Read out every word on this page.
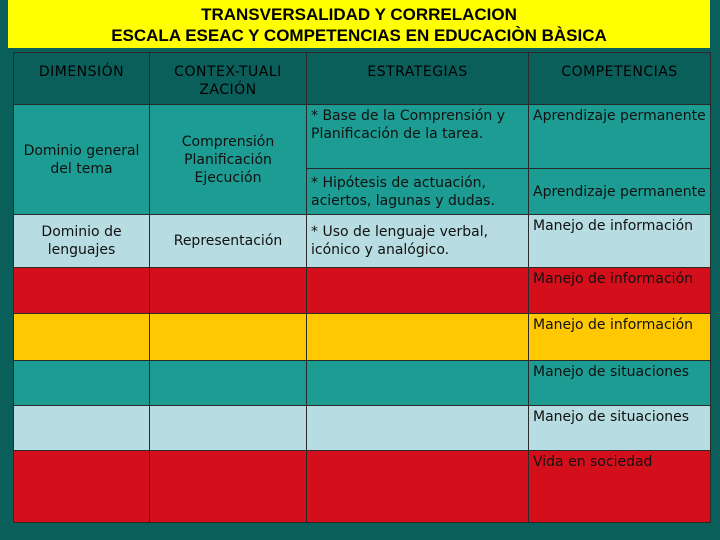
TRANSVERSALIDAD Y CORRELACION
ESCALA ESEAC Y COMPETENCIAS EN EDUCACIÒN BÀSICA
DIMENSIÓN	CONTEX-TUALIZACIÓN	ESTRATEGIAS	COMPETENCIAS
Dominio general del tema	Comprensión Planificación Ejecución	* Base de la Comprensión y Planificación de la tarea.	Aprendizaje permanente
		* Hipótesis de actuación, aciertos, lagunas y dudas.	Aprendizaje permanente
Dominio de lenguajes	Representación	* Uso de lenguaje verbal, icónico y analógico.	Manejo de información
			Manejo de información
			Manejo de información
			Manejo de situaciones
			Manejo de situaciones
			Vida en sociedad
